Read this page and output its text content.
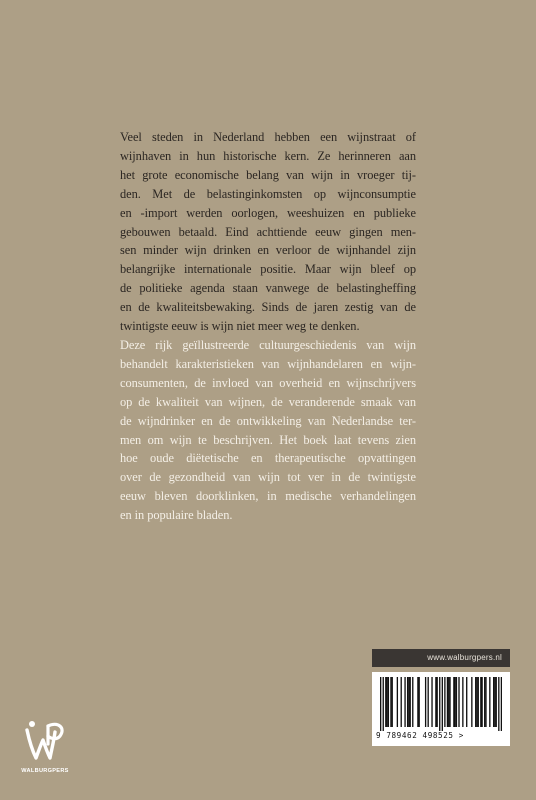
Veel steden in Nederland hebben een wijnstraat of
wijnhaven in hun historische kern. Ze herinneren aan
het grote economische belang van wijn in vroeger tij-
den. Met de belastinginkomsten op wijnconsumptie
en -import werden oorlogen, weeshuizen en publieke
gebouwen betaald. Eind achttiende eeuw gingen men-
sen minder wijn drinken en verloor de wijnhandel zijn
belangrijke internationale positie. Maar wijn bleef op
de politieke agenda staan vanwege de belastingheffing
en de kwaliteitsbewaking. Sinds de jaren zestig van de
twintigste eeuw is wijn niet meer weg te denken.
Deze rijk geïllustreerde cultuurgeschiedenis van wijn
behandelt karakteristieken van wijnhandelaren en wijn-
consumenten, de invloed van overheid en wijnschrijvers
op de kwaliteit van wijnen, de veranderende smaak van
de wijndrinker en de ontwikkeling van Nederlandse ter-
men om wijn te beschrijven. Het boek laat tevens zien
hoe oude diëtetische en therapeutische opvattingen
over de gezondheid van wijn tot ver in de twintigste
eeuw bleven doorklinken, in medische verhandelingen
en in populaire bladen.
www.walburgpers.nl
9 789462 498525 >
WALBURGPERS
